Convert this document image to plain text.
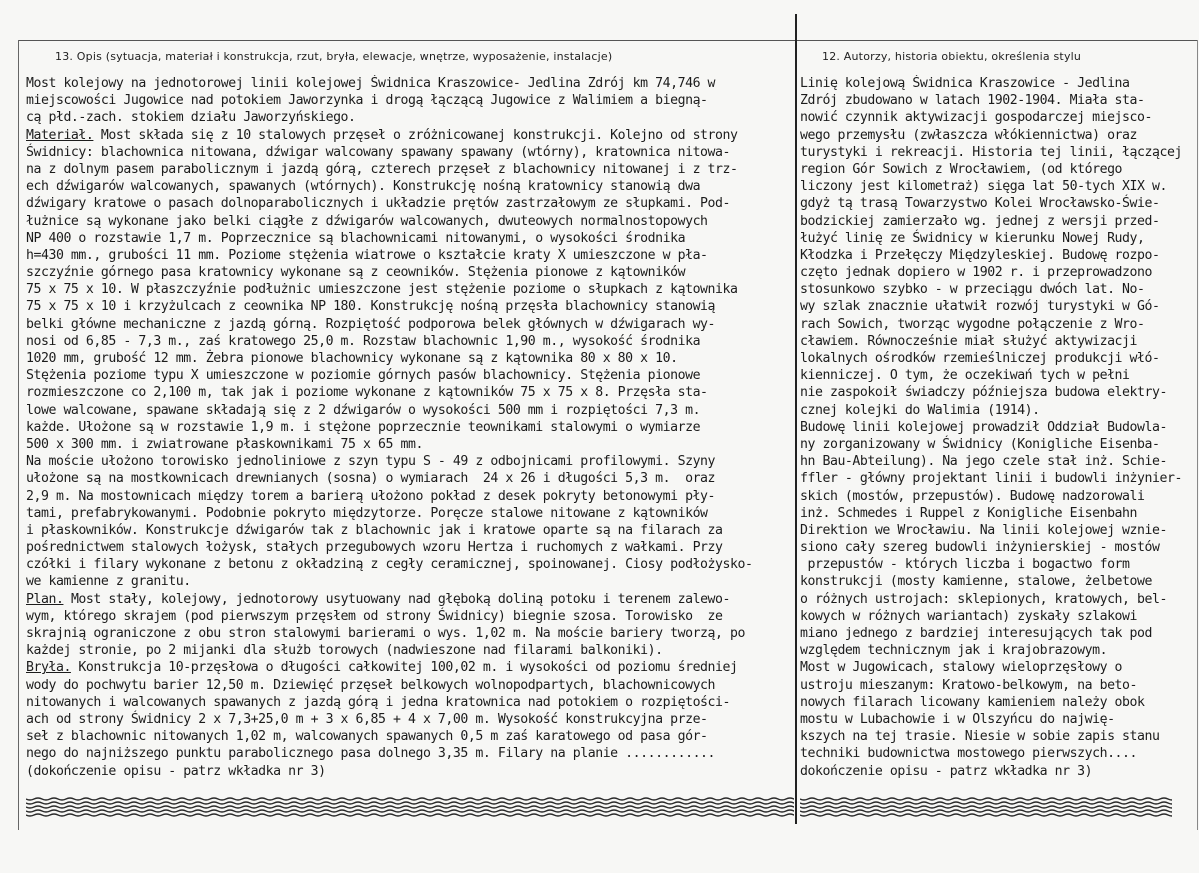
13. Opis (sytuacja, materiał i konstrukcja, rzut, bryła, elewacje, wnętrze, wyposażenie, instalacje)	12. Autorzy, historia obiektu, określenia stylu
Most kolejowy na jednotorowej linii kolejowej Świdnica Kraszowice- Jedlina Zdrój km 74,746 w
miejscowości Jugowice nad potokiem Jaworzynka i drogą łączącą Jugowice z Walimiem a biegną-
cą płd.-zach. stokiem działu Jaworzyńskiego.
Materiał. Most składa się z 10 stalowych przęseł o zróżnicowanej konstrukcji. Kolejno od strony
Świdnicy: blachownica nitowana, dźwigar walcowany spawany spawany (wtórny), kratownica nitowa-
na z dolnym pasem parabolicznym i jazdą górą, czterech przęseł z blachownicy nitowanej i z trz-
ech dźwigarów walcowanych, spawanych (wtórnych). Konstrukcję nośną kratownicy stanowią dwa
dźwigary kratowe o pasach dolnoparabolicznych i układzie prętów zastrzałowym ze słupkami. Pod-
łużnice są wykonane jako belki ciągłe z dźwigarów walcowanych, dwuteowych normalnostopowych
NP 400 o rozstawie 1,7 m. Poprzecznice są blachownicami nitowanymi, o wysokości środnika
h=430 mm., grubości 11 mm. Poziome stężenia wiatrowe o kształcie kraty X umieszczone w pła-
szczyźnie górnego pasa kratownicy wykonane są z ceowników. Stężenia pionowe z kątowników
75 x 75 x 10. W płaszczyźnie podłużnic umieszczone jest stężenie poziome o słupkach z kątownika
75 x 75 x 10 i krzyżulcach z ceownika NP 180. Konstrukcję nośną przęsła blachownicy stanowią
belki główne mechaniczne z jazdą górną. Rozpiętość podporowa belek głównych w dźwigarach wy-
nosi od 6,85 - 7,3 m., zaś kratowego 25,0 m. Rozstaw blachownic 1,90 m., wysokość środnika
1020 mm, grubość 12 mm. Żebra pionowe blachownicy wykonane są z kątownika 80 x 80 x 10.
Stężenia poziome typu X umieszczone w poziomie górnych pasów blachownicy. Stężenia pionowe
rozmieszczone co 2,100 m, tak jak i poziome wykonane z kątowników 75 x 75 x 8. Przęsła sta-
lowe walcowane, spawane składają się z 2 dźwigarów o wysokości 500 mm i rozpiętości 7,3 m.
każde. Ułożone są w rozstawie 1,9 m. i stężone poprzecznie teownikami stalowymi o wymiarze
500 x 300 mm. i zwiatrowane płaskownikami 75 x 65 mm.
Na moście ułożono torowisko jednoliniowe z szyn typu S - 49 z odbojnicami profilowymi. Szyny
ułożone są na mostkownicach drewnianych (sosna) o wymiarach  24 x 26 i długości 5,3 m.  oraz
2,9 m. Na mostownicach między torem a barierą ułożono pokład z desek pokryty betonowymi pły-
tami, prefabrykowanymi. Podobnie pokryto międzytorze. Poręcze stalowe nitowane z kątowników
i płaskowników. Konstrukcje dźwigarów tak z blachownic jak i kratowe oparte są na filarach za
pośrednictwem stalowych łożysk, stałych przegubowych wzoru Hertza i ruchomych z wałkami. Przy
czółki i filary wykonane z betonu z okładziną z cegły ceramicznej, spoinowanej. Ciosy podłożysko-
we kamienne z granitu.
Plan. Most stały, kolejowy, jednotorowy usytuowany nad głęboką doliną potoku i terenem zalewo-
wym, którego skrajem (pod pierwszym przęsłem od strony Świdnicy) biegnie szosa. Torowisko  ze
skrajnią ograniczone z obu stron stalowymi barierami o wys. 1,02 m. Na moście bariery tworzą, po
każdej stronie, po 2 mijanki dla służb torowych (nadwieszone nad filarami balkoniki).
Bryła. Konstrukcja 10-przęsłowa o długości całkowitej 100,02 m. i wysokości od poziomu średniej
wody do pochwytu barier 12,50 m. Dziewięć przęseł belkowych wolnopodpartych, blachownicowych
nitowanych i walcowanych spawanych z jazdą górą i jedna kratownica nad potokiem o rozpiętości-
ach od strony Świdnicy 2 x 7,3+25,0 m + 3 x 6,85 + 4 x 7,00 m. Wysokość konstrukcyjna prze-
seł z blachownic nitowanych 1,02 m, walcowanych spawanych 0,5 m zaś karatowego od pasa gór-
nego do najniższego punktu parabolicznego pasa dolnego 3,35 m. Filary na planie ............
(dokończenie opisu - patrz wkładka nr 3)
Linię kolejową Świdnica Kraszowice - Jedlina
Zdrój zbudowano w latach 1902-1904. Miała sta-
nowić czynnik aktywizacji gospodarczej miejsco-
wego przemysłu (zwłaszcza włókiennictwa) oraz
turystyki i rekreacji. Historia tej linii, łączącej
region Gór Sowich z Wrocławiem, (od którego
liczony jest kilometraż) sięga lat 50-tych XIX w.
gdyż tą trasą Towarzystwo Kolei Wrocławsko-Świe-
bodzickiej zamierzało wg. jednej z wersji przed-
łużyć linię ze Świdnicy w kierunku Nowej Rudy,
Kłodzka i Przełęczy Międzyleskiej. Budowę rozpo-
częto jednak dopiero w 1902 r. i przeprowadzono
stosunkowo szybko - w przeciągu dwóch lat. No-
wy szlak znacznie ułatwił rozwój turystyki w Gó-
rach Sowich, tworząc wygodne połączenie z Wro-
cławiem. Równocześnie miał służyć aktywizacji
lokalnych ośrodków rzemieślniczej produkcji włó-
kienniczej. O tym, że oczekiwań tych w pełni
nie zaspokoił świadczy późniejsza budowa elektry-
cznej kolejki do Walimia (1914).
Budowę linii kolejowej prowadził Oddział Budowla-
ny zorganizowany w Świdnicy (Konigliche Eisenba-
hn Bau-Abteilung). Na jego czele stał inż. Schie-
ffler - główny projektant linii i budowli inżynier-
skich (mostów, przepustów). Budowę nadzorowali
inż. Schmedes i Ruppel z Konigliche Eisenbahn
Direktion we Wrocławiu. Na linii kolejowej wznie-
siono cały szereg budowli inżynierskiej - mostów
przepustów - których liczba i bogactwo form
konstrukcji (mosty kamienne, stalowe, żelbetowe
o różnych ustrojach: sklepionych, kratowych, bel-
kowych w różnych wariantach) zyskały szlakowi
miano jednego z bardziej interesujących tak pod
względem technicznym jak i krajobrazowym.
Most w Jugowicach, stalowy wieloprzęsłowy o
ustroju mieszanym: Kratowo-belkowym, na beto-
nowych filarach licowany kamieniem należy obok
mostu w Lubachowie i w Olszyńcu do najwię-
kszych na tej trasie. Niesie w sobie zapis stanu
techniki budownictwa mostowego pierwszych....
dokończenie opisu - patrz wkładka nr 3)
